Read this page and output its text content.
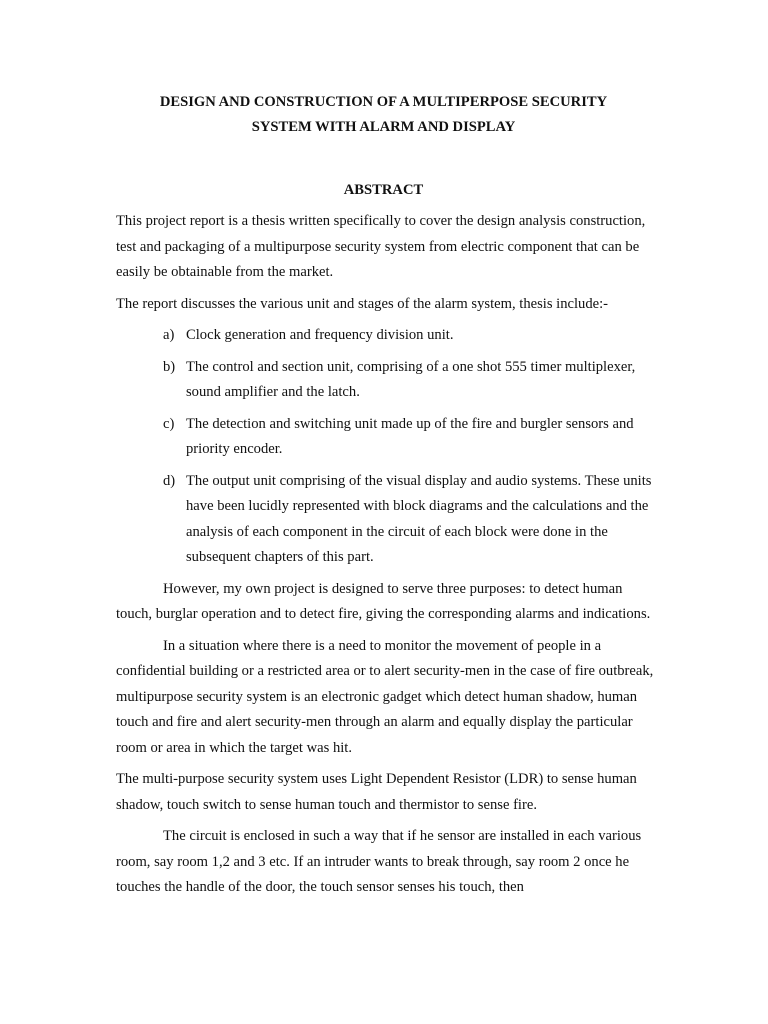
DESIGN AND CONSTRUCTION OF A MULTIPERPOSE SECURITY
SYSTEM WITH ALARM AND DISPLAY
ABSTRACT

This project report is a thesis written specifically to cover the design analysis construction, test and packaging of a multipurpose security system from electric component that can be easily be obtainable from the market.

The report discusses the various unit and stages of the alarm system, thesis include:-

a) Clock generation and frequency division unit.
b) The control and section unit, comprising of a one shot 555 timer multiplexer, sound amplifier and the latch.
c) The detection and switching unit made up of the fire and burgler sensors and priority encoder.
d) The output unit comprising of the visual display and audio systems. These units have been lucidly represented with block diagrams and the calculations and the analysis of each component in the circuit of each block were done in the subsequent chapters of this part.

However, my own project is designed to serve three purposes: to detect human touch, burglar operation and to detect fire, giving the corresponding alarms and indications.

In a situation where there is a need to monitor the movement of people in a confidential building or a restricted area or to alert security-men in the case of fire outbreak, multipurpose security system is an electronic gadget which detect human shadow, human touch and fire and alert security-men through an alarm and equally display the particular room or area in which the target was hit.

The multi-purpose security system uses Light Dependent Resistor (LDR) to sense human shadow, touch switch to sense human touch and thermistor to sense fire.

The circuit is enclosed in such a way that if he sensor are installed in each various room, say room 1,2 and 3 etc. If an intruder wants to break through, say room 2 once he touches the handle of the door, the touch sensor senses his touch, then
